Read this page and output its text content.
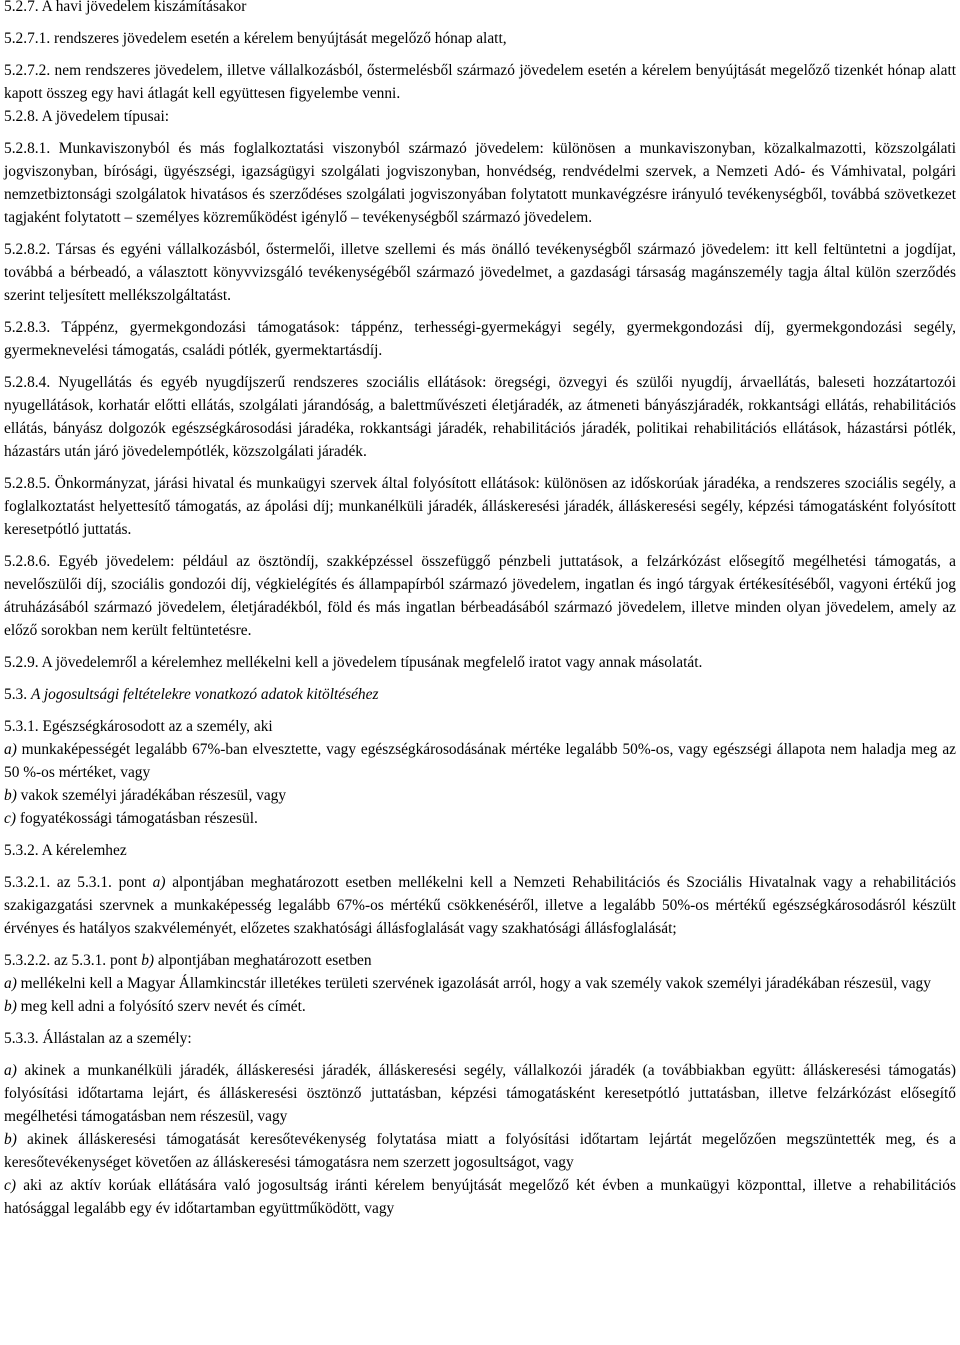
5.2.7. A havi jövedelem kiszámításakor

5.2.7.1. rendszeres jövedelem esetén a kérelem benyújtását megelőző hónap alatt,

5.2.7.2. nem rendszeres jövedelem, illetve vállalkozásból, őstermelésből származó jövedelem esetén a kérelem benyújtását megelőző tizenkét hónap alatt kapott összeg egy havi átlagát kell együttesen figyelembe venni.

5.2.8. A jövedelem típusai:

5.2.8.1. Munkaviszonyból és más foglalkoztatási viszonyból származó jövedelem: különösen a munkaviszonyban, közalkalmazotti, közszolgálati jogviszonyban, bírósági, ügyészségi, igazságügyi szolgálati jogviszonyban, honvédség, rendvédelmi szervek, a Nemzeti Adó- és Vámhivatal, polgári nemzetbiztonsági szolgálatok hivatásos és szerződéses szolgálati jogviszonyában folytatott munkavégzésre irányuló tevékenységből, továbbá szövetkezet tagjaként folytatott – személyes közreműködést igénylő – tevékenységből származó jövedelem.

5.2.8.2. Társas és egyéni vállalkozásból, őstermelői, illetve szellemi és más önálló tevékenységből származó jövedelem: itt kell feltüntetni a jogdíjat, továbbá a bérbeadó, a választott könyvvizsgáló tevékenységéből származó jövedelmet, a gazdasági társaság magánszemély tagja által külön szerződés szerint teljesített mellékszolgáltatást.

5.2.8.3. Táppénz, gyermekgondozási támogatások: táppénz, terhességi-gyermekágyi segély, gyermekgondozási díj, gyermekgondozási segély, gyermeknevelési támogatás, családi pótlék, gyermektartásdíj.

5.2.8.4. Nyugellátás és egyéb nyugdíjszerű rendszeres szociális ellátások: öregségi, özvegyi és szülői nyugdíj, árvaellátás, baleseti hozzátartozói nyugellátások, korhatár előtti ellátás, szolgálati járandóság, a balettművészeti életjáradék, az átmeneti bányászjáradék, rokkantsági ellátás, rehabilitációs ellátás, bányász dolgozók egészségkárosodási járadéka, rokkantsági járadék, rehabilitációs járadék, politikai rehabilitációs ellátások, házastársi pótlék, házastárs után járó jövedelempótlék, közszolgálati járadék.

5.2.8.5. Önkormányzat, járási hivatal és munkaügyi szervek által folyósított ellátások: különösen az időskorúak járadéka, a rendszeres szociális segély, a foglalkoztatást helyettesítő támogatás, az ápolási díj; munkanélküli járadék, álláskeresési járadék, álláskeresési segély, képzési támogatásként folyósított keresetpótló juttatás.

5.2.8.6. Egyéb jövedelem: például az ösztöndíj, szakképzéssel összefüggő pénzbeli juttatások, a felzárkózást elősegítő megélhetési támogatás, a nevelőszülői díj, szociális gondozói díj, végkielégítés és állampapírból származó jövedelem, ingatlan és ingó tárgyak értékesítéséből, vagyoni értékű jog átruházásából származó jövedelem, életjáradékból, föld és más ingatlan bérbeadásából származó jövedelem, illetve minden olyan jövedelem, amely az előző sorokban nem került feltüntetésre.

5.2.9. A jövedelemről a kérelemhez mellékelni kell a jövedelem típusának megfelelő iratot vagy annak másolatát.

5.3. A jogosultsági feltételekre vonatkozó adatok kitöltéséhez

5.3.1. Egészségkárosodott az a személy, aki

a) munkaképességét legalább 67%-ban elvesztette, vagy egészségkárosodásának mértéke legalább 50%-os, vagy egészségi állapota nem haladja meg az 50 %-os mértéket, vagy

b) vakok személyi járadékában részesül, vagy

c) fogyatékossági támogatásban részesül.

5.3.2. A kérelemhez

5.3.2.1. az 5.3.1. pont a) alpontjában meghatározott esetben mellékelni kell a Nemzeti Rehabilitációs és Szociális Hivatalnak vagy a rehabilitációs szakigazgatási szervnek a munkaképesség legalább 67%-os mértékű csökkenéséről, illetve a legalább 50%-os mértékű egészségkárosodásról készült érvényes és hatályos szakvéleményét, előzetes szakhatósági állásfoglalását vagy szakhatósági állásfoglalását;

5.3.2.2. az 5.3.1. pont b) alpontjában meghatározott esetben

a) mellékelni kell a Magyar Államkincstár illetékes területi szervének igazolását arról, hogy a vak személy vakok személyi járadékában részesül, vagy

b) meg kell adni a folyósító szerv nevét és címét.

5.3.3. Állástalan az a személy:

a) akinek a munkanélküli járadék, álláskeresési járadék, álláskeresési segély, vállalkozói járadék (a továbbiakban együtt: álláskeresési támogatás) folyósítási időtartama lejárt, és álláskeresési ösztönző juttatásban, képzési támogatásként keresetpótló juttatásban, illetve felzárkózást elősegítő megélhetési támogatásban nem részesül, vagy

b) akinek álláskeresési támogatását keresőtevékenység folytatása miatt a folyósítási időtartam lejártát megelőzően megszüntették meg, és a keresőtevékenységet követően az álláskeresési támogatásra nem szerzett jogosultságot, vagy

c) aki az aktív korúak ellátására való jogosultság iránti kérelem benyújtását megelőző két évben a munkaügyi központtal, illetve a rehabilitációs hatósággal legalább egy év időtartamban együttműködött, vagy
